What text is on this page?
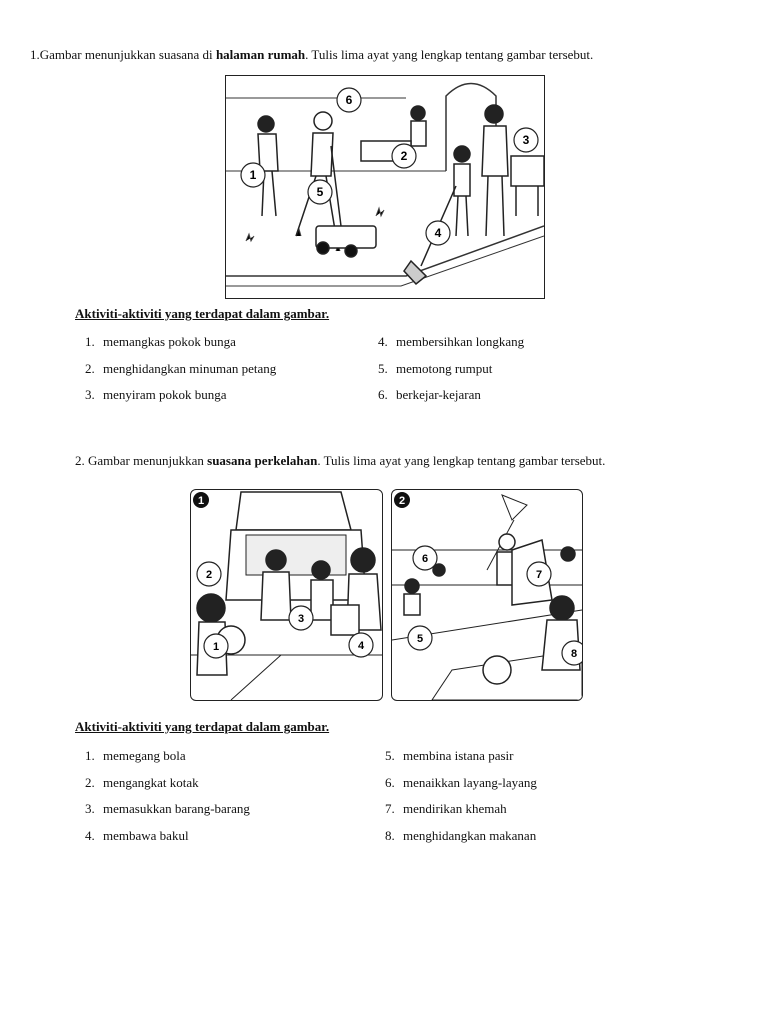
1.Gambar menunjukkan suasana di halaman rumah. Tulis lima ayat yang lengkap tentang gambar tersebut.
6
2
3
1
5
4
Aktiviti-aktiviti yang terdapat dalam gambar.
1. memangkas pokok bunga
2. menghidangkan minuman petang
3. menyiram pokok bunga
4. membersihkan longkang
5. memotong rumput
6. berkejar-kejaran
2. Gambar menunjukkan suasana perkelahan. Tulis lima ayat yang lengkap tentang gambar tersebut.
1
2
3
1	4
2
6
7
5
8
Aktiviti-aktiviti yang terdapat dalam gambar.
1. memegang bola
2. mengangkat kotak
3. memasukkan barang-barang
4. membawa bakul
5. membina istana pasir
6. menaikkan layang-layang
7. mendirikan khemah
8. menghidangkan makanan
